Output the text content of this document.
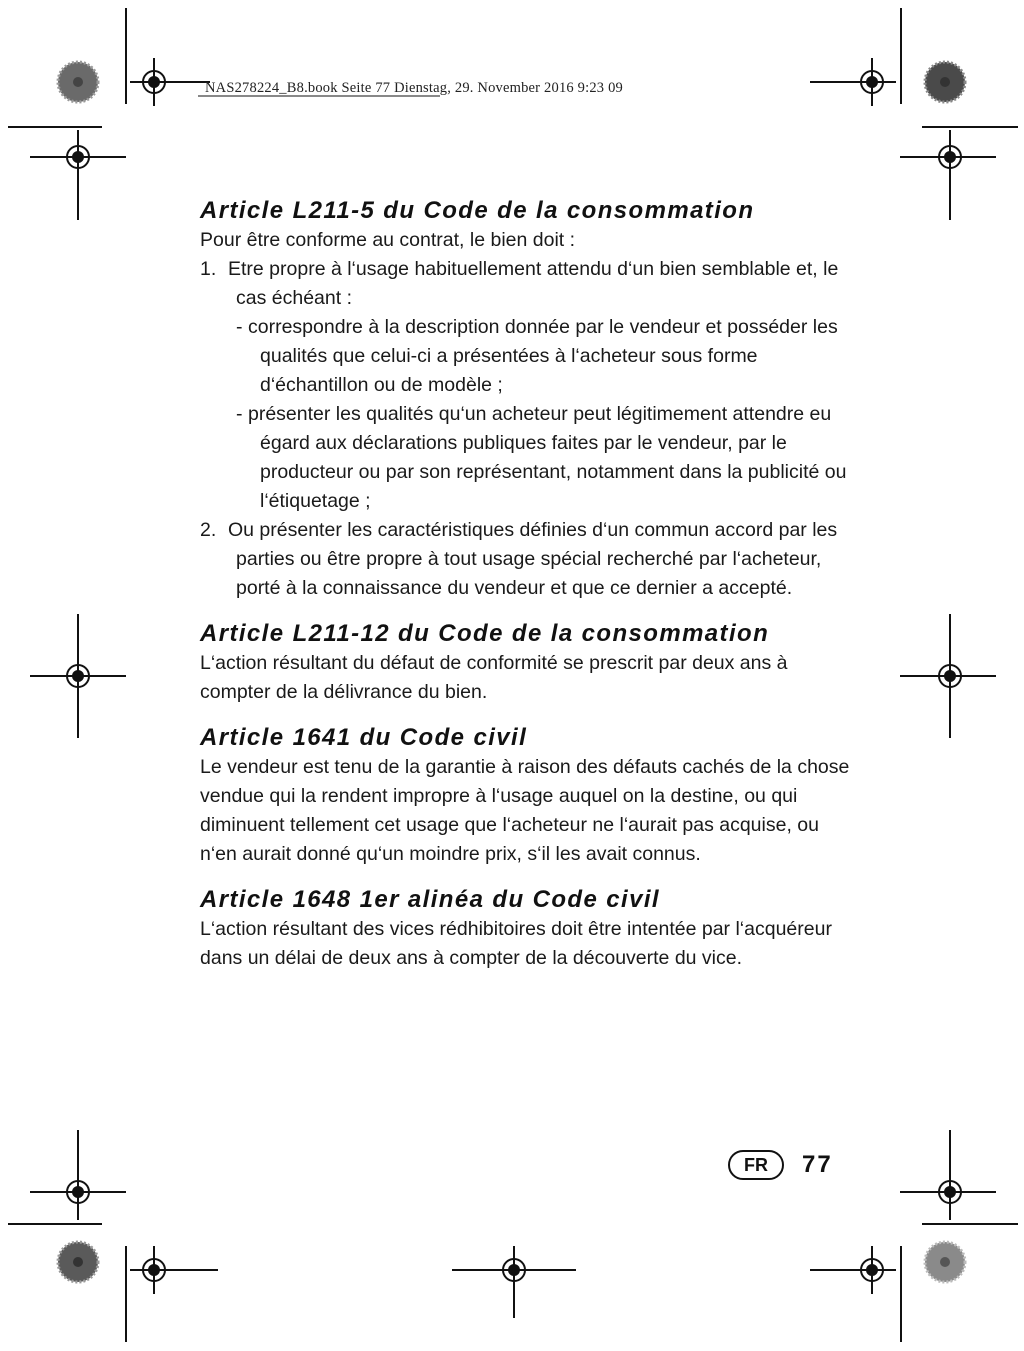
NAS278224_B8.book Seite 77 Dienstag, 29. November 2016 9:23 09
Article L211-5 du Code de la consommation

Pour être conforme au contrat, le bien doit :

1. Etre propre à l‘usage habituellement attendu d‘un bien semblable et, le cas échéant :

- correspondre à la description donnée par le vendeur et posséder les qualités que celui-ci a présentées à l‘acheteur sous forme d‘échantillon ou de modèle ;
- présenter les qualités qu‘un acheteur peut légitimement attendre eu égard aux déclarations publiques faites par le vendeur, par le producteur ou par son représentant, notamment dans la publicité ou l‘étiquetage ;
2. Ou présenter les caractéristiques définies d‘un commun accord par les parties ou être propre à tout usage spécial recherché par l‘acheteur, porté à la connaissance du vendeur et que ce dernier a accepté.

Article L211-12 du Code de la consommation

L‘action résultant du défaut de conformité se prescrit par deux ans à compter de la délivrance du bien.

Article 1641 du Code civil

Le vendeur est tenu de la garantie à raison des défauts cachés de la chose vendue qui la rendent impropre à l‘usage auquel on la destine, ou qui diminuent tellement cet usage que l‘acheteur ne l‘aurait pas acquise, ou n‘en aurait donné qu‘un moindre prix, s‘il les avait connus.

Article 1648 1er alinéa du Code civil

L‘action résultant des vices rédhibitoires doit être intentée par l‘acquéreur dans un délai de deux ans à compter de la découverte du vice.

FR	77
